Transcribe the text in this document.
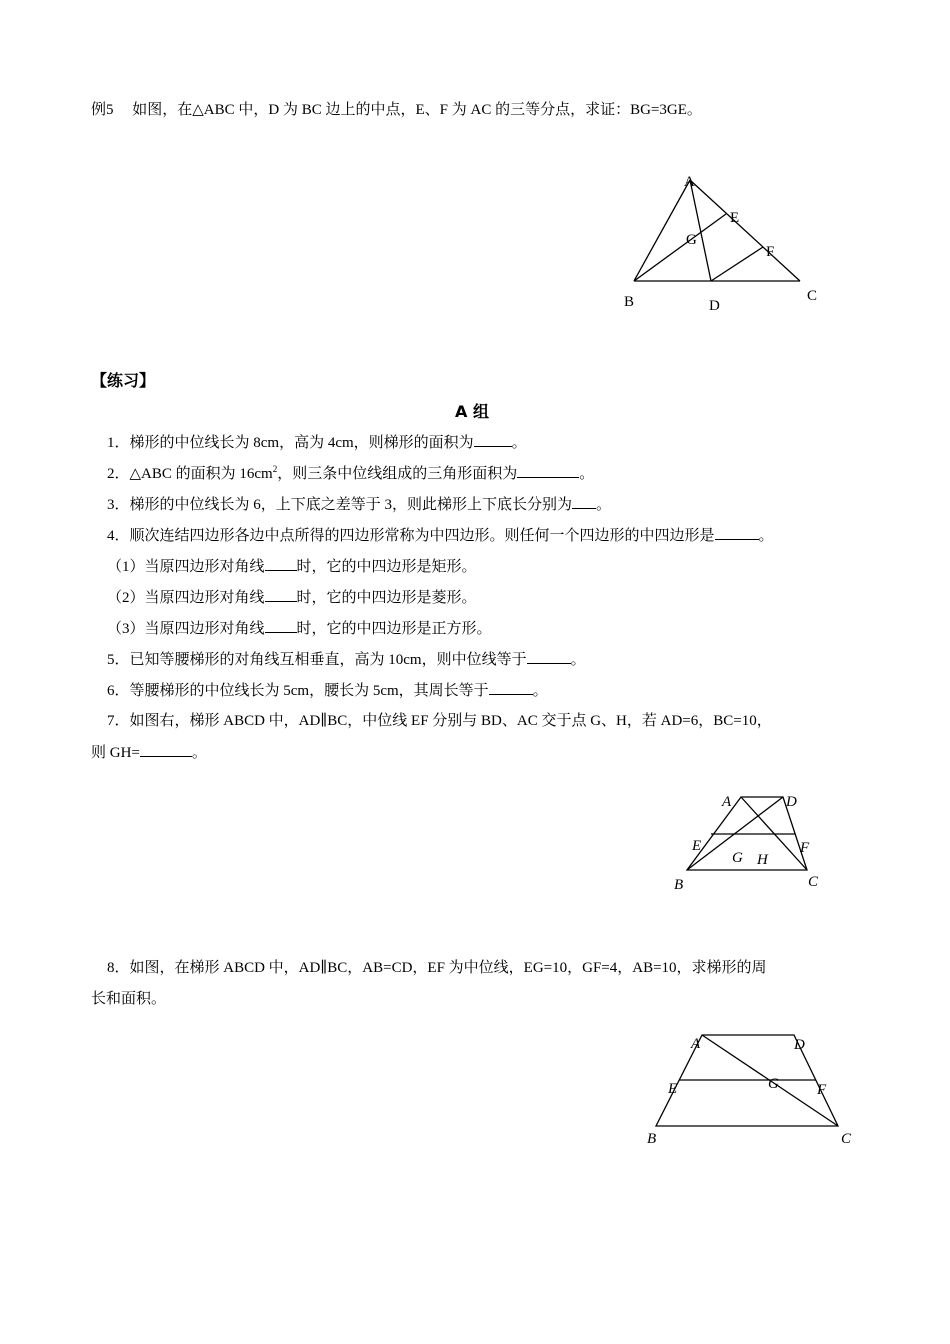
例5 如图，在△ABC 中，D 为 BC 边上的中点，E、F 为 AC 的三等分点，求证：BG=3GE。
A
E
G
F
B	D
C
【练习】
A 组
1．梯形的中位线长为 8cm，高为 4cm，则梯形的面积为	。
2．△ABC 的面积为 $16cm^2$，则三条中位线组成的三角形面积为	。
3．梯形的中位线长为 6，上下底之差等于 3，则此梯形上下底长分别为 。
4．顺次连结四边形各边中点所得的四边形常称为中四边形。则任何一个四边形的中四边形是	。
（1）当原四边形对角线 时，它的中四边形是矩形。
（2）当原四边形对角线 时，它的中四边形是菱形。
（3）当原四边形对角线 时，它的中四边形是正方形。
5．已知等腰梯形的对角线互相垂直，高为 10cm，则中位线等于	。
6．等腰梯形的中位线长为 5cm，腰长为 5cm，其周长等于	。
7．如图右，梯形 ABCD 中，AD∥BC，中位线 EF 分别与 BD、AC 交于点 G、H，若 AD=6，BC=10，
则 GH=	。
A	D
E
G H
F
B	C
8．如图，在梯形 ABCD 中，AD∥BC，AB=CD，EF 为中位线，EG=10，GF=4，AB=10，求梯形的周
长和面积。
A	D
E	G	F
B	C
